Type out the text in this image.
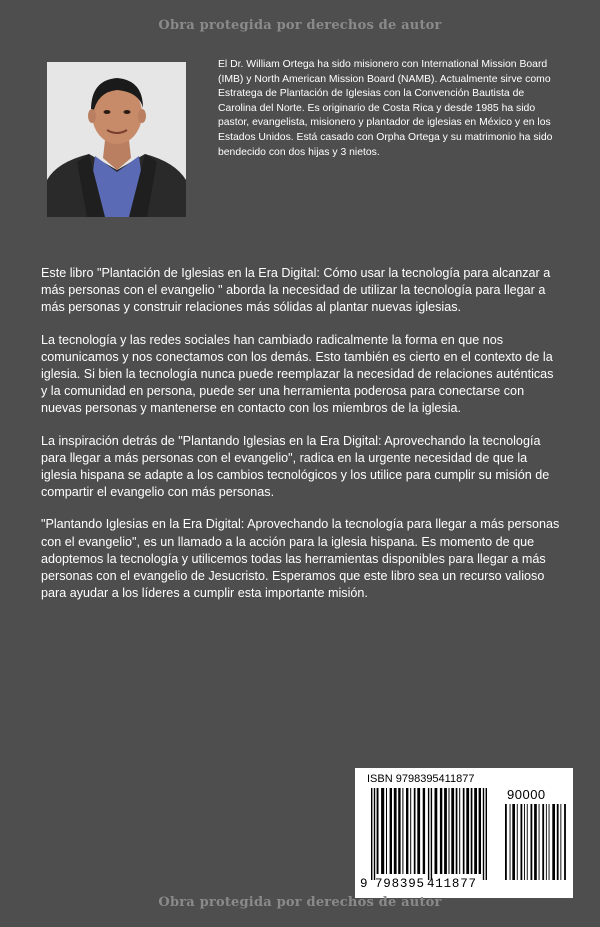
Obra protegida por derechos de autor
El Dr. William Ortega ha sido misionero con International Mission Board (IMB) y North American Mission Board (NAMB). Actualmente sirve como Estratega de Plantación de Iglesias con la Convención Bautista de Carolina del Norte. Es originario de Costa Rica y desde 1985 ha sido pastor, evangelista, misionero y plantador de iglesias en México y en los Estados Unidos. Está casado con Orpha Ortega y su matrimonio ha sido bendecido con dos hijas y 3 nietos.

Este libro "Plantación de Iglesias en la Era Digital: Cómo usar la tecnología para alcanzar a más personas con el evangelio " aborda la necesidad de utilizar la tecnología para llegar a más personas y construir relaciones más sólidas al plantar nuevas iglesias.

La tecnología y las redes sociales han cambiado radicalmente la forma en que nos comunicamos y nos conectamos con los demás. Esto también es cierto en el contexto de la iglesia. Si bien la tecnología nunca puede reemplazar la necesidad de relaciones auténticas y la comunidad en persona, puede ser una herramienta poderosa para conectarse con nuevas personas y mantenerse en contacto con los miembros de la iglesia.

La inspiración detrás de "Plantando Iglesias en la Era Digital: Aprovechando la tecnología para llegar a más personas con el evangelio", radica en la urgente necesidad de que la iglesia hispana se adapte a los cambios tecnológicos y los utilice para cumplir su misión de compartir el evangelio con más personas.

"Plantando Iglesias en la Era Digital: Aprovechando la tecnología para llegar a más personas con el evangelio", es un llamado a la acción para la iglesia hispana. Es momento de que adoptemos la tecnología y utilicemos todas las herramientas disponibles para llegar a más personas con el evangelio de Jesucristo. Esperamos que este libro sea un recurso valioso para ayudar a los líderes a cumplir esta importante misión.

ISBN 9798395411877
90000
9 798395 411877
Obra protegida por derechos de autor
